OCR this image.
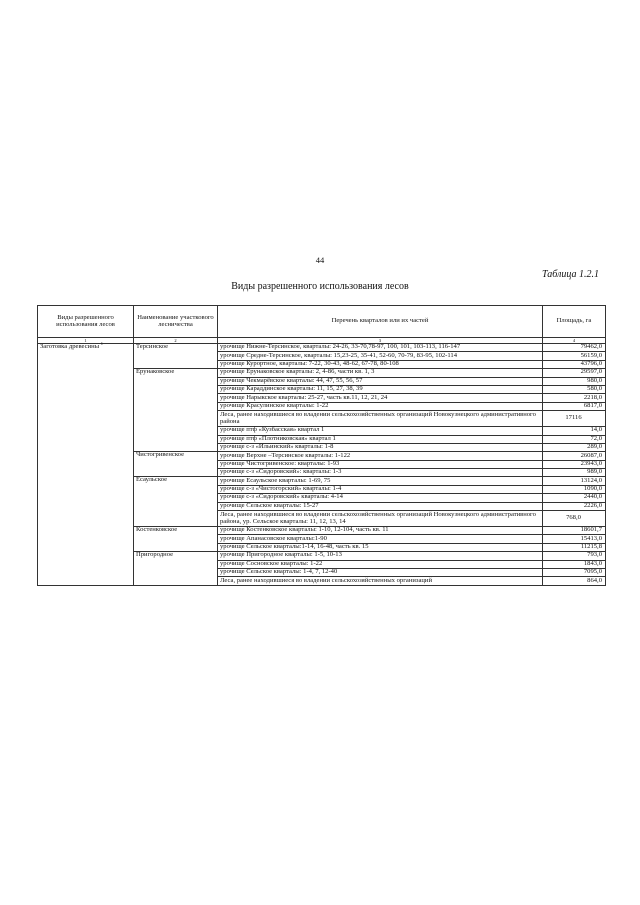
44
Таблица 1.2.1
Виды разрешенного использования лесов
Виды разрешенного использования лесов	Наименование участкового лесничества	Перечень кварталов или их частей	Площадь, га
1	2	3	4
Заготовка древесины $^1$	Терсинское	урочище Нижне-Терсинское, кварталы: 24-26, 33-70,78-97, 100, 101, 103-113, 116-147	79462,0
		урочище Средне-Терсинское, кварталы: 15,23-25, 35-41, 52-60, 70-79, 83-95, 102-114	56159,0
		урочище Курортное, кварталы: 7-22, 30-43, 48-62, 67-78, 80-108	43796,0
	Ерунаковское	урочище Ерунаковское кварталы: 2, 4-86, части кв. 1, 3	29597,0
		урочище Чекмарёвское кварталы: 44, 47, 55, 56, 57	980,0
		урочище Караддинское кварталы: 11, 15, 27, 38, 39	580,0
		урочище Нарыкское кварталы: 25-27, часть кв.11, 12, 21, 24	2218,0
		урочище Красулинское кварталы: 1-22	6817,0
		Леса, ранее находившиеся во владении сельскохозяйственных организаций Новокузнецкого административного района	17116
		урочище птф «Кузбасская» квартал 1	14,0
		урочище птф «Плотниковская» квартал 1	72,0
		урочище с-з «Ильинский» кварталы: 1-8	289,0
	Чистогривенское	урочище Верхне –Терсинское кварталы: 1-122	26087,0
		урочище Чистогривенское: кварталы: 1-93	23943,0
		урочище с-з «Сидоровский»: кварталы: 1-3	989,0
	Есаульское	урочище Есаульское кварталы: 1-69, 75	13124,0
		урочище с-з «Чистогорский» кварталы: 1-4	1090,0
		урочище с-з «Сидоровский» кварталы: 4-14	2440,0
		урочище Сельское кварталы: 15-27	2226,0
		Леса, ранее находившиеся во владении сельскохозяйственных организаций Новокузнецкого административного района, ур. Сельское кварталы: 11, 12, 13, 14	768,0
	Костенковское	урочище Костенковское кварталы: 1-10, 12-104, часть кв. 11	18601,7
		урочище Апанасовское кварталы:1-90	15413,0
		урочище Сельское кварталы:1-14, 16-48, часть кв. 15	11215,8
	Пригородное	урочище Пригородное кварталы: 1-5, 10-13	793,0
		урочище Сосновское кварталы: 1-22	1843,0
		урочище Сельское кварталы: 1-4, 7, 12-40	7095,0
		Леса, ранее находившиеся во владении сельскохозяйственных организаций	864,0
